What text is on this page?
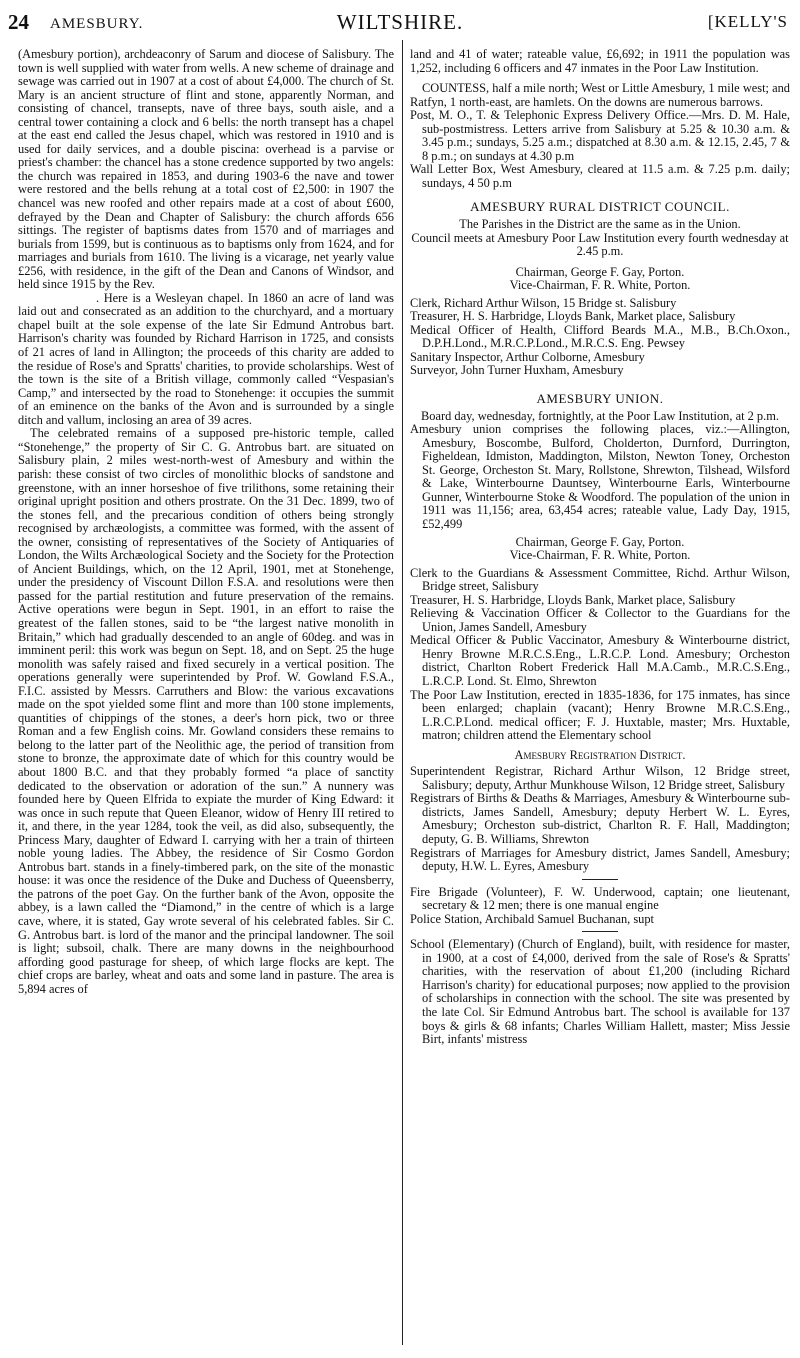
24 AMESBURY.	WILTSHIRE.	[KELLY'S

(Amesbury portion), archdeaconry of Sarum and diocese of Salisbury. The town is well supplied with water from wells. A new scheme of drainage and sewage was carried out in 1907 at a cost of about £4,000. The church of St. Mary is an ancient structure of flint and stone, apparently Norman, and consisting of chancel, transepts, nave of three bays, south aisle, and a central tower containing a clock and 6 bells: the north transept has a chapel at the east end called the Jesus chapel, which was restored in 1910 and is used for daily services, and a double piscina: overhead is a parvise or priest's chamber: the chancel has a stone credence supported by two angels: the church was repaired in 1853, and during 1903-6 the nave and tower were restored and the bells rehung at a total cost of £2,500: in 1907 the chancel was new roofed and other repairs made at a cost of about £600, defrayed by the Dean and Chapter of Salisbury: the church affords 656 sittings. The register of baptisms dates from 1570 and of marriages and burials from 1599, but is continuous as to baptisms only from 1624, and for marriages and burials from 1610. The living is a vicarage, net yearly value £256, with residence, in the gift of the Dean and Canons of Windsor, and held since 1915 by the Rev.

. Here is a Wesleyan chapel. In 1860 an acre of land was laid out and consecrated as an addition to the churchyard, and a mortuary chapel built at the sole expense of the late Sir Edmund Antrobus bart. Harrison's charity was founded by Richard Harrison in 1725, and consists of 21 acres of land in Allington; the proceeds of this charity are added to the residue of Rose's and Spratts' charities, to provide scholarships. West of the town is the site of a British village, commonly called “Vespasian's Camp,” and intersected by the road to Stonehenge: it occupies the summit of an eminence on the banks of the Avon and is surrounded by a single ditch and vallum, inclosing an area of 39 acres.

The celebrated remains of a supposed pre-historic temple, called “Stonehenge,” the property of Sir C. G. Antrobus bart. are situated on Salisbury plain, 2 miles west-north-west of Amesbury and within the parish: these consist of two circles of monolithic blocks of sandstone and greenstone, with an inner horseshoe of five trilithons, some retaining their original upright position and others prostrate. On the 31 Dec. 1899, two of the stones fell, and the precarious condition of others being strongly recognised by archæologists, a committee was formed, with the assent of the owner, consisting of representatives of the Society of Antiquaries of London, the Wilts Archæological Society and the Society for the Protection of Ancient Buildings, which, on the 12 April, 1901, met at Stonehenge, under the presidency of Viscount Dillon F.S.A. and resolutions were then passed for the partial restitution and future preservation of the remains. Active operations were begun in Sept. 1901, in an effort to raise the greatest of the fallen stones, said to be “the largest native monolith in Britain,” which had gradually descended to an angle of 60deg. and was in imminent peril: this work was begun on Sept. 18, and on Sept. 25 the huge monolith was safely raised and fixed securely in a vertical position. The operations generally were superintended by Prof. W. Gowland F.S.A., F.I.C. assisted by Messrs. Carruthers and Blow: the various excavations made on the spot yielded some flint and more than 100 stone implements, quantities of chippings of the stones, a deer's horn pick, two or three Roman and a few English coins. Mr. Gowland considers these remains to belong to the latter part of the Neolithic age, the period of transition from stone to bronze, the approximate date of which for this country would be about 1800 B.C. and that they probably formed “a place of sanctity dedicated to the observation or adoration of the sun.” A nunnery was founded here by Queen Elfrida to expiate the murder of King Edward: it was once in such repute that Queen Eleanor, widow of Henry III retired to it, and there, in the year 1284, took the veil, as did also, subsequently, the Princess Mary, daughter of Edward I. carrying with her a train of thirteen noble young ladies. The Abbey, the residence of Sir Cosmo Gordon Antrobus bart. stands in a finely-timbered park, on the site of the monastic house: it was once the residence of the Duke and Duchess of Queensberry, the patrons of the poet Gay. On the further bank of the Avon, opposite the abbey, is a lawn called the “Diamond,” in the centre of which is a large cave, where, it is stated, Gay wrote several of his celebrated fables. Sir C. G. Antrobus bart. is lord of the manor and the principal landowner. The soil is light; subsoil, chalk. There are many downs in the neighbourhood affording good pasturage for sheep, of which large flocks are kept. The chief crops are barley, wheat and oats and some land in pasture. The area is 5,894 acres of

land and 41 of water; rateable value, £6,692; in 1911 the population was 1,252, including 6 officers and 47 inmates in the Poor Law Institution.

COUNTESS, half a mile north; West or Little Amesbury, 1 mile west; and Ratfyn, 1 north-east, are hamlets. On the downs are numerous barrows.

Post, M. O., T. & Telephonic Express Delivery Office.—Mrs. D. M. Hale, sub-postmistress. Letters arrive from Salisbury at 5.25 & 10.30 a.m. & 3.45 p.m.; sundays, 5.25 a.m.; dispatched at 8.30 a.m. & 12.15, 2.45, 7 & 8 p.m.; on sundays at 4.30 p.m

Wall Letter Box, West Amesbury, cleared at 11.5 a.m. & 7.25 p.m. daily; sundays, 4 50 p.m

AMESBURY RURAL DISTRICT COUNCIL.

The Parishes in the District are the same as in the Union.

Council meets at Amesbury Poor Law Institution every fourth wednesday at 2.45 p.m.

Chairman, George F. Gay, Porton.

Vice-Chairman, F. R. White, Porton.

Clerk, Richard Arthur Wilson, 15 Bridge st. Salisbury

Treasurer, H. S. Harbridge, Lloyds Bank, Market place, Salisbury

Medical Officer of Health, Clifford Beards M.A., M.B., B.Ch.Oxon., D.P.H.Lond., M.R.C.P.Lond., M.R.C.S. Eng. Pewsey

Sanitary Inspector, Arthur Colborne, Amesbury

Surveyor, John Turner Huxham, Amesbury

AMESBURY UNION.

Board day, wednesday, fortnightly, at the Poor Law Institution, at 2 p.m.

Amesbury union comprises the following places, viz.:—Allington, Amesbury, Boscombe, Bulford, Cholderton, Durnford, Durrington, Figheldean, Idmiston, Maddington, Milston, Newton Toney, Orcheston St. George, Orcheston St. Mary, Rollstone, Shrewton, Tilshead, Wilsford & Lake, Winterbourne Dauntsey, Winterbourne Earls, Winterbourne Gunner, Winterbourne Stoke & Woodford. The population of the union in 1911 was 11,156; area, 63,454 acres; rateable value, Lady Day, 1915, £52,499

Chairman, George F. Gay, Porton.

Vice-Chairman, F. R. White, Porton.

Clerk to the Guardians & Assessment Committee, Richd. Arthur Wilson, Bridge street, Salisbury

Treasurer, H. S. Harbridge, Lloyds Bank, Market place, Salisbury

Relieving & Vaccination Officer & Collector to the Guardians for the Union, James Sandell, Amesbury

Medical Officer & Public Vaccinator, Amesbury & Winterbourne district, Henry Browne M.R.C.S.Eng., L.R.C.P. Lond. Amesbury; Orcheston district, Charlton Robert Frederick Hall M.A.Camb., M.R.C.S.Eng., L.R.C.P. Lond. St. Elmo, Shrewton

The Poor Law Institution, erected in 1835-1836, for 175 inmates, has since been enlarged; chaplain (vacant); Henry Browne M.R.C.S.Eng., L.R.C.P.Lond. medical officer; F. J. Huxtable, master; Mrs. Huxtable, matron; children attend the Elementary school

Amesbury Registration District.

Superintendent Registrar, Richard Arthur Wilson, 12 Bridge street, Salisbury; deputy, Arthur Munkhouse Wilson, 12 Bridge street, Salisbury

Registrars of Births & Deaths & Marriages, Amesbury & Winterbourne sub-districts, James Sandell, Amesbury; deputy Herbert W. L. Eyres, Amesbury; Orcheston sub-district, Charlton R. F. Hall, Maddington; deputy, G. B. Williams, Shrewton

Registrars of Marriages for Amesbury district, James Sandell, Amesbury; deputy, H.W. L. Eyres, Amesbury

Fire Brigade (Volunteer), F. W. Underwood, captain; one lieutenant, secretary & 12 men; there is one manual engine

Police Station, Archibald Samuel Buchanan, supt

School (Elementary) (Church of England), built, with residence for master, in 1900, at a cost of £4,000, derived from the sale of Rose's & Spratts' charities, with the reservation of about £1,200 (including Richard Harrison's charity) for educational purposes; now applied to the provision of scholarships in connection with the school. The site was presented by the late Col. Sir Edmund Antrobus bart. The school is available for 137 boys & girls & 68 infants; Charles William Hallett, master; Miss Jessie Birt, infants' mistress
